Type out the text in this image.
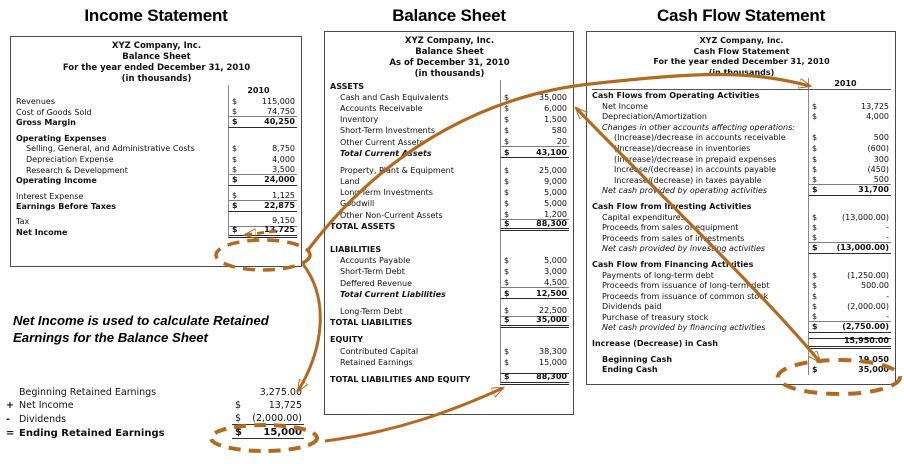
Income Statement	Balance Sheet	Cash Flow Statement
XYZ Company, Inc.
Balance Sheet
For the year ended December 31, 2010
(in thousands)
2010
Revenues	$	115,000
Cost of Goods Sold	$	74,750
Gross Margin	$	40,250
Operating Expenses
Selling, General, and Administrative Costs	$	8,750
Depreciation Expense	$	4,000
Research & Development	$	3,500
Operating Income	$	24,000
Interest Expense	$	1,125
Earnings Before Taxes	$	22,875
Tax	9,150
Net Income	$	13,725
XYZ Company, Inc.
Balance Sheet
As of December 31, 2010
(in thousands)
ASSETS
Cash and Cash Equivalents	$	35,000
Accounts Receivable	$	6,000
Inventory	$	1,500
Short-Term Investments	$	580
Other Current Assets	$	20
Total Current Assets	$	43,100
Property, Plant & Equipment	$	25,000
Land	$	9,000
Long-Term Investments	$	5,000
Goodwill	$	5,000
Other Non-Current Assets	$	1,200
TOTAL ASSETS	$	88,300
LIABILITIES
Accounts Payable	$	5,000
Short-Term Debt	$	3,000
Deffered Revenue	$	4,500
Total Current Liabilities	$	12,500
Long-Term Debt	$	22,500
TOTAL LIABILITIES	$	35,000
EQUITY
Contributed Capital	$	38,300
Retained Earnings	$	15,000
TOTAL LIABILITIES AND EQUITY	$	88,300
XYZ Company, Inc.
Cash Flow Statement
For the year ended December 31, 2010
(in thousands)
2010
Cash Flows from Operating Activities
Net Income	$	13,725
Depreciation/Amortization	$	4,000
Changes in other accounts affecting operations:
(Increase)/decrease in accounts receivable	$	500
(Increase)/decrease in inventories	$	(600)
(Increase)/decrease in prepaid expenses	$	300
Increase/(decrease) in accounts payable	$	(450)
Increase/(decrease) in taxes payable	$	500
Net cash provided by operating activities	$	31,700
Cash Flow from Investing Activities
Capital expenditures	$	(13,000.00)
Proceeds from sales of equipment	$	-
Proceeds from sales of investments	$	-
Net cash provided by investing activities	$	(13,000.00)
Cash Flow from Financing Activities
Payments of long-term debt	$	(1,250.00)
Proceeds from issuance of long-term debt	$	500.00
Proceeds from issuance of common stock	$	-
Dividends paid	$	(2,000.00)
Purchase of treasury stock	$	-
Net cash provided by financing activities	$	(2,750.00)
Increase (Decrease) in Cash	15,950.00
Beginning Cash	19,050
Ending Cash	$	35,000
Net Income is used to calculate Retained
Earnings for the Balance Sheet
Beginning Retained Earnings	3,275.00
+ Net Income	$	13,725
- Dividends	$	(2,000.00)
= Ending Retained Earnings	$	15,000
